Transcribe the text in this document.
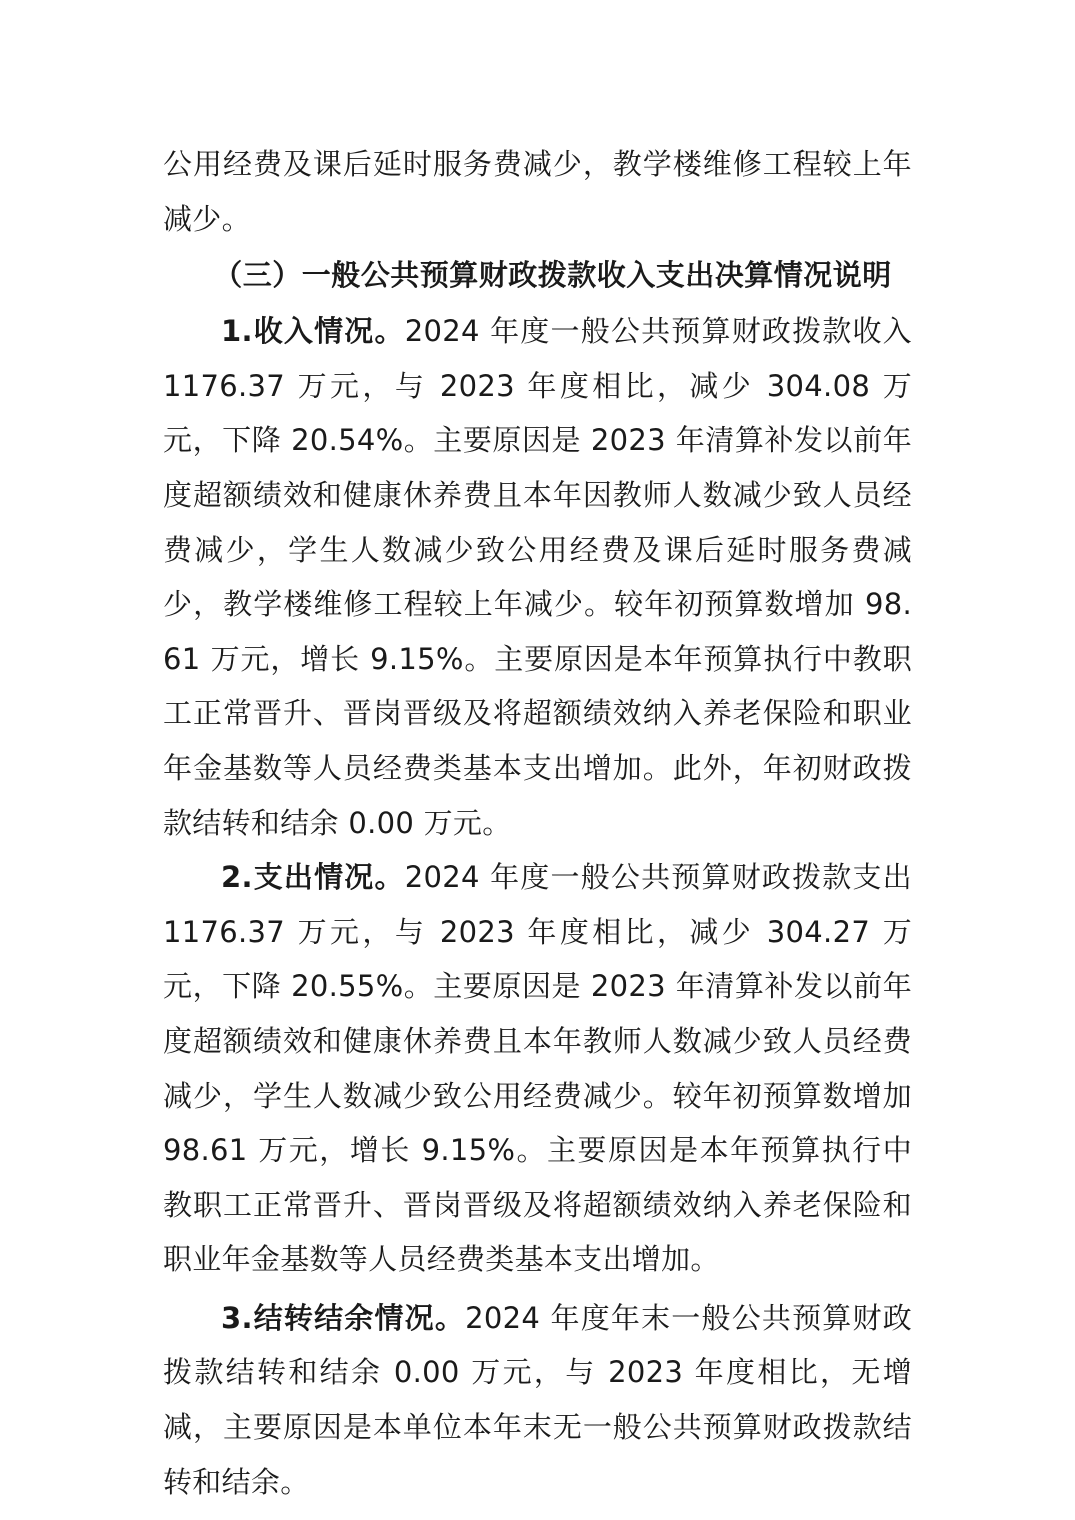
公用经费及课后延时服务费减少，教学楼维修工程较上年减少。

（三）一般公共预算财政拨款收入支出决算情况说明

1.收入情况。2024 年度一般公共预算财政拨款收入 1176.37 万元，与 2023 年度相比，减少 304.08 万元，下降 20.54%。主要原因是 2023 年清算补发以前年度超额绩效和健康休养费且本年因教师人数减少致人员经费减少，学生人数减少致公用经费及课后延时服务费减少，教学楼维修工程较上年减少。较年初预算数增加 98.61 万元，增长 9.15%。主要原因是本年预算执行中教职工正常晋升、晋岗晋级及将超额绩效纳入养老保险和职业年金基数等人员经费类基本支出增加。此外，年初财政拨款结转和结余 0.00 万元。

2.支出情况。2024 年度一般公共预算财政拨款支出 1176.37 万元，与 2023 年度相比，减少 304.27 万元，下降 20.55%。主要原因是 2023 年清算补发以前年度超额绩效和健康休养费且本年教师人数减少致人员经费减少，学生人数减少致公用经费减少。较年初预算数增加 98.61 万元，增长 9.15%。主要原因是本年预算执行中教职工正常晋升、晋岗晋级及将超额绩效纳入养老保险和职业年金基数等人员经费类基本支出增加。

3.结转结余情况。2024 年度年末一般公共预算财政拨款结转和结余 0.00 万元，与 2023 年度相比，无增减，主要原因是本单位本年末无一般公共预算财政拨款结转和结余。
